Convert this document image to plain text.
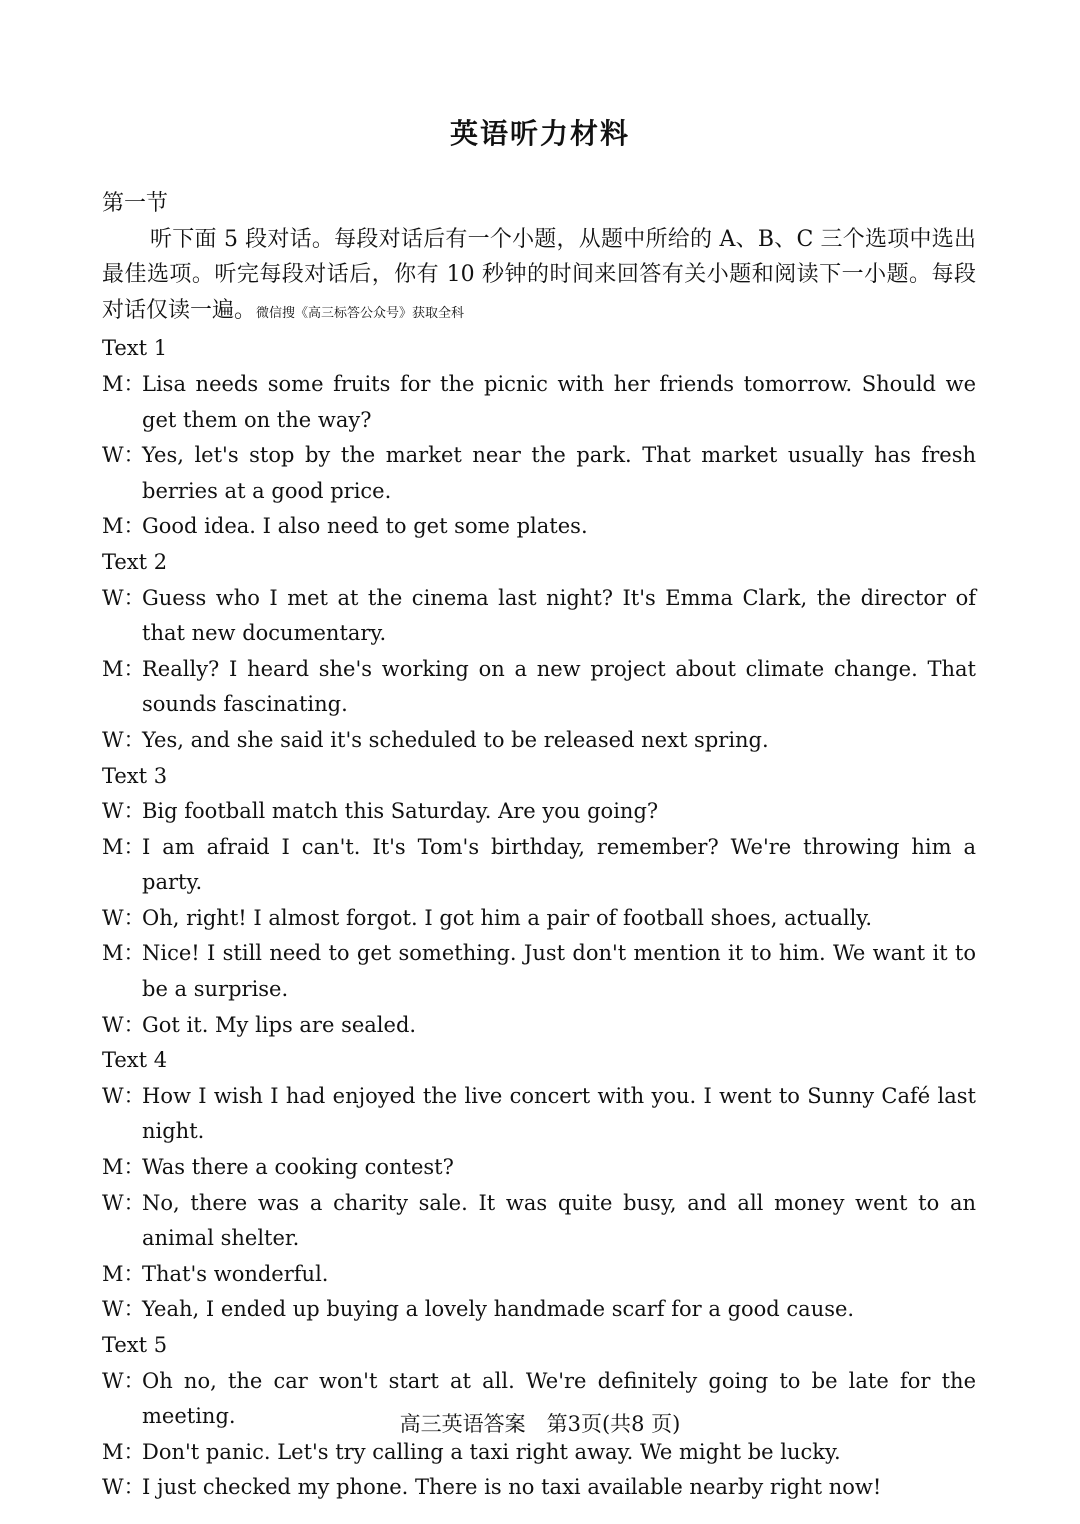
英语听力材料

第一节

听下面 5 段对话。每段对话后有一个小题，从题中所给的 A、B、C 三个选项中选出最佳选项。听完每段对话后，你有 10 秒钟的时间来回答有关小题和阅读下一小题。每段对话仅读一遍。微信搜《高三标答公众号》获取全科

Text 1

M：Lisa needs some fruits for the picnic with her friends tomorrow. Should we get them on the way?

W：Yes, let's stop by the market near the park. That market usually has fresh berries at a good price.

M：Good idea. I also need to get some plates.

Text 2

W：Guess who I met at the cinema last night? It's Emma Clark, the director of that new documentary.

M：Really? I heard she's working on a new project about climate change. That sounds fascinating.

W：Yes, and she said it's scheduled to be released next spring.

Text 3

W：Big football match this Saturday. Are you going?

M：I am afraid I can't. It's Tom's birthday, remember? We're throwing him a party.

W：Oh, right! I almost forgot. I got him a pair of football shoes, actually.

M：Nice! I still need to get something. Just don't mention it to him. We want it to be a surprise.

W：Got it. My lips are sealed.

Text 4

W：How I wish I had enjoyed the live concert with you. I went to Sunny Café last night.

M：Was there a cooking contest?

W：No, there was a charity sale. It was quite busy, and all money went to an animal shelter.

M：That's wonderful.

W：Yeah, I ended up buying a lovely handmade scarf for a good cause.

Text 5

W：Oh no, the car won't start at all. We're definitely going to be late for the meeting.

M：Don't panic. Let's try calling a taxi right away. We might be lucky.

W：I just checked my phone. There is no taxi available nearby right now!

高三英语答案　第3页(共8 页)
